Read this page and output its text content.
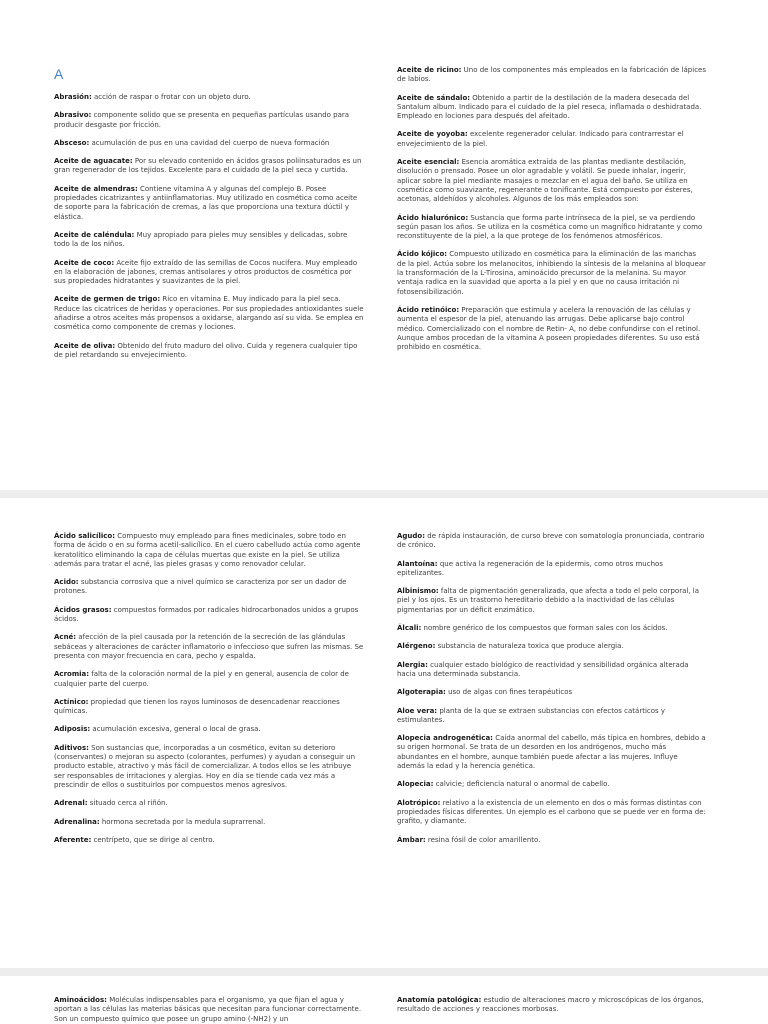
A
Abrasión: acción de raspar o frotar con un objeto duro.
Abrasivo: componente solido que se presenta en pequeñas partículas usando para producir desgaste por fricción.
Absceso: acumulación de pus en una cavidad del cuerpo de nueva formación
Aceite de aguacate: Por su elevado contenido en ácidos grasos poliinsaturados es un gran regenerador de los tejidos. Excelente para el cuidado de la piel seca y curtida.
Aceite de almendras: Contiene vitamina A y algunas del complejo B. Posee propiedades cicatrizantes y antiinflamatorias. Muy utilizado en cosmética como aceite de soporte para la fabricación de cremas, a las que proporciona una textura dúctil y elástica.
Aceite de caléndula: Muy apropiado para pieles muy sensibles y delicadas, sobre todo la de los niños.
Aceite de coco: Aceite fijo extraído de las semillas de Cocos nucifera. Muy empleado en la elaboración de jabones, cremas antisolares y otros productos de cosmética por sus propiedades hidratantes y suavizantes de la piel.
Aceite de germen de trigo: Rico en vitamina E. Muy indicado para la piel seca. Reduce las cicatrices de heridas y operaciones. Por sus propiedades antioxidantes suele añadirse a otros aceites más propensos a oxidarse, alargando así su vida. Se emplea en cosmética como componente de cremas y lociones.
Aceite de oliva: Obtenido del fruto maduro del olivo. Cuida y regenera cualquier tipo de piel retardando su envejecimiento.
Aceite de ricino: Uno de los componentes más empleados en la fabricación de lápices de labios.
Aceite de sándalo: Obtenido a partir de la destilación de la madera desecada del Santalum album. Indicado para el cuidado de la piel reseca, inflamada o deshidratada. Empleado en lociones para después del afeitado.
Aceite de yoyoba: excelente regenerador celular. Indicado para contrarrestar el envejecimiento de la piel.
Aceite esencial: Esencia aromática extraída de las plantas mediante destilación, disolución o prensado. Posee un olor agradable y volátil. Se puede inhalar, ingerir, aplicar sobre la piel mediante masajes o mezclar en el agua del baño. Se utiliza en cosmética como suavizante, regenerante o tonificante. Está compuesto por ésteres, acetonas, aldehídos y alcoholes. Algunos de los más empleados son:
Ácido hialurónico: Sustancia que forma parte intrínseca de la piel, se va perdiendo según pasan los años. Se utiliza en la cosmética como un magnífico hidratante y como reconstituyente de la piel, a la que protege de los fenómenos atmosféricos.
Ácido kójico: Compuesto utilizado en cosmética para la eliminación de las manchas de la piel. Actúa sobre los melanocitos, inhibiendo la síntesis de la melanina al bloquear la transformación de la L-Tirosina, aminoácido precursor de la melanina. Su mayor ventaja radica en la suavidad que aporta a la piel y en que no causa irritación ni fotosensibilización.
Ácido retinóico: Preparación que estimula y acelera la renovación de las células y aumenta el espesor de la piel, atenuando las arrugas. Debe aplicarse bajo control médico. Comercializado con el nombre de Retin- A, no debe confundirse con el retinol. Aunque ambos procedan de la vitamina A poseen propiedades diferentes. Su uso está prohibido en cosmética.
Ácido salicílico: Compuesto muy empleado para fines medicinales, sobre todo en forma de ácido o en su forma acetil-salicílico. En el cuero cabelludo actúa como agente keratolítico eliminando la capa de células muertas que existe en la piel. Se utiliza además para tratar el acné, las pieles grasas y como renovador celular.
Acido: substancia corrosiva que a nivel químico se caracteriza por ser un dador de protones.
Ácidos grasos: compuestos formados por radicales hidrocarbonados unidos a grupos ácidos.
Acné: afección de la piel causada por la retención de la secreción de las glándulas sebáceas y alteraciones de carácter inflamatorio o infeccioso que sufren las mismas. Se presenta con mayor frecuencia en cara, pecho y espalda.
Acromia: falta de la coloración normal de la piel y en general, ausencia de color de cualquier parte del cuerpo.
Actínico: propiedad que tienen los rayos luminosos de desencadenar reacciones químicas.
Adiposis: acumulación excesiva, general o local de grasa.
Aditivos: Son sustancias que, incorporadas a un cosmético, evitan su deterioro (conservantes) o mejoran su aspecto (colorantes, perfumes) y ayudan a conseguir un producto estable, atractivo y más fácil de comercializar. A todos ellos se les atribuye ser responsables de irritaciones y alergias. Hoy en día se tiende cada vez más a prescindir de ellos o sustituirlos por compuestos menos agresivos.
Adrenal: situado cerca al riñón.
Adrenalina: hormona secretada por la medula suprarrenal.
Aferente: centrípeto, que se dirige al centro.
Agudo: de rápida instauración, de curso breve con somatología pronunciada, contrario de crónico.
Alantoína: que activa la regeneración de la epidermis, como otros muchos epitelizantes.
Albinismo: falta de pigmentación generalizada, que afecta a todo el pelo corporal, la piel y los ojos. Es un trastorno hereditario debido a la inactividad de las células pigmentarias por un déficit enzimático.
Álcali: nombre genérico de los compuestos que forman sales con los ácidos.
Alérgeno: substancia de naturaleza toxica que produce alergia.
Alergia: cualquier estado biológico de reactividad y sensibilidad orgánica alterada hacia una determinada substancia.
Algoterapia: uso de algas con fines terapéuticos
Aloe vera: planta de la que se extraen substancias con efectos catárticos y estimulantes.
Alopecia androgenética: Caída anormal del cabello, más típica en hombres, debido a su origen hormonal. Se trata de un desorden en los andrógenos, mucho más abundantes en el hombre, aunque también puede afectar a las mujeres. Influye además la edad y la herencia genética.
Alopecia: calvicie; deficiencia natural o anormal de cabello.
Alotrópico: relativo a la existencia de un elemento en dos o más formas distintas con propiedades físicas diferentes. Un ejemplo es el carbono que se puede ver en forma de: grafito, y diamante.
Ámbar: resina fósil de color amarillento.
Aminoácidos: Moléculas indispensables para el organismo, ya que fijan el agua y aportan a las células las materias básicas que necesitan para funcionar correctamente. Son un compuesto químico que posee un grupo amino (-NH2) y un
Anatomía patológica: estudio de alteraciones macro y microscópicas de los órganos, resultado de acciones y reacciones morbosas.
